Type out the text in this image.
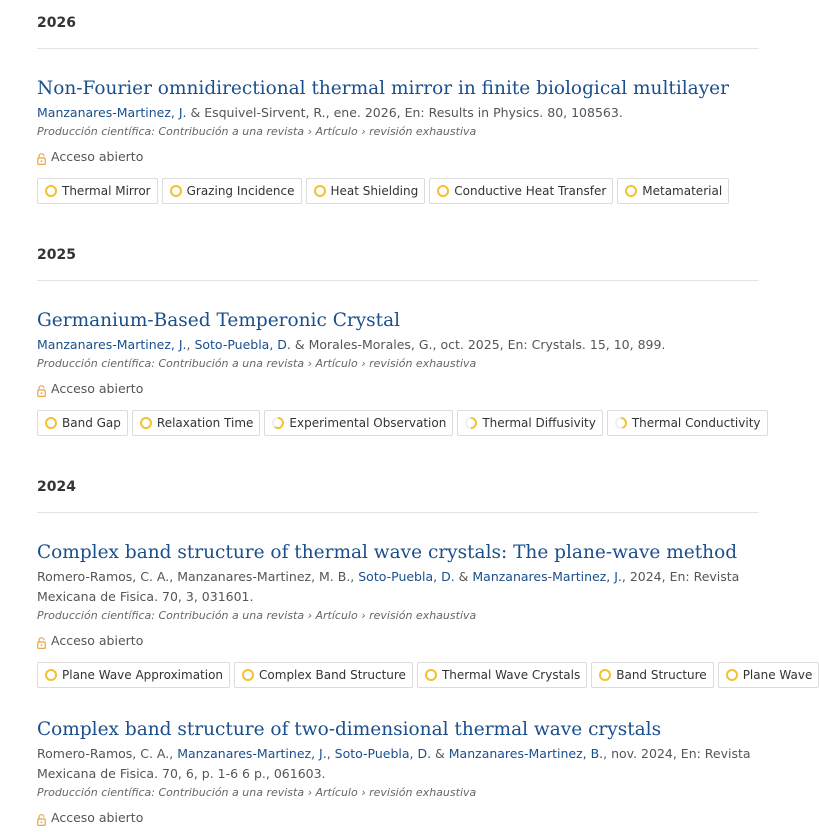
2026
Non-Fourier omnidirectional thermal mirror in finite biological multilayer
Manzanares-Martinez, J. & Esquivel-Sirvent, R., ene. 2026, En: Results in Physics. 80, 108563.
Producción científica: Contribución a una revista › Artículo › revisión exhaustiva
Acceso abierto
Thermal Mirror	Grazing Incidence	Heat Shielding	Conductive Heat Transfer	Metamaterial
2025
Germanium-Based Temperonic Crystal
Manzanares-Martinez, J., Soto-Puebla, D. & Morales-Morales, G., oct. 2025, En: Crystals. 15, 10, 899.
Producción científica: Contribución a una revista › Artículo › revisión exhaustiva
Acceso abierto
Band Gap	Relaxation Time	Experimental Observation	Thermal Diffusivity	Thermal Conductivity
2024
Complex band structure of thermal wave crystals: The plane-wave method
Romero-Ramos, C. A., Manzanares-Martinez, M. B., Soto-Puebla, D. & Manzanares-Martinez, J., 2024, En: Revista Mexicana de Fisica. 70, 3, 031601.
Producción científica: Contribución a una revista › Artículo › revisión exhaustiva
Acceso abierto
Plane Wave Approximation	Complex Band Structure	Thermal Wave Crystals	Band Structure	Plane Wave
Complex band structure of two-dimensional thermal wave crystals
Romero-Ramos, C. A., Manzanares-Martinez, J., Soto-Puebla, D. & Manzanares-Martinez, B., nov. 2024, En: Revista Mexicana de Fisica. 70, 6, p. 1-6 6 p., 061603.
Producción científica: Contribución a una revista › Artículo › revisión exhaustiva
Acceso abierto
